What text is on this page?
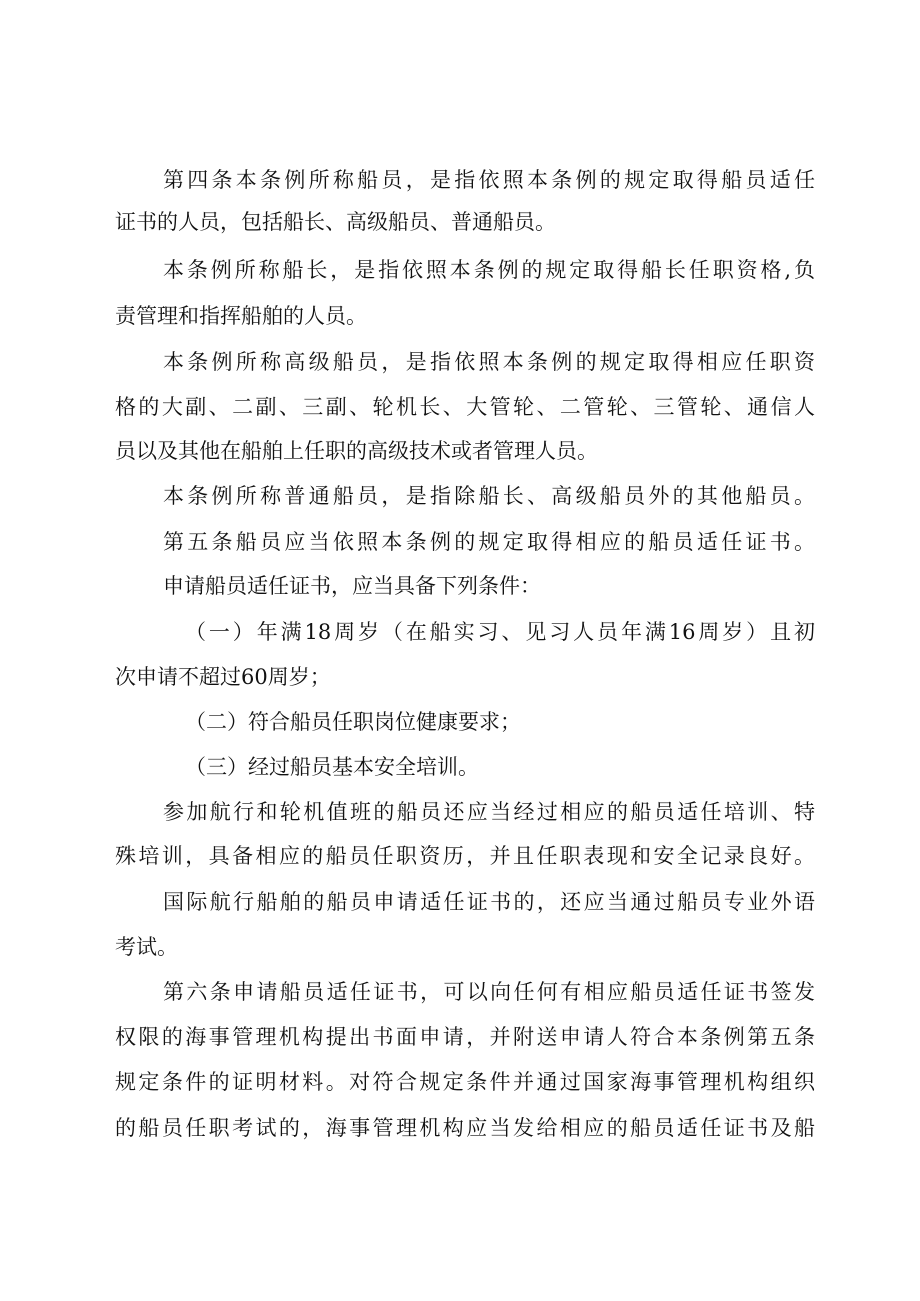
第四条本条例所称船员，是指依照本条例的规定取得船员适任
证书的人员，包括船长、高级船员、普通船员。
本条例所称船长，是指依照本条例的规定取得船长任职资格,负
责管理和指挥船舶的人员。
本条例所称高级船员，是指依照本条例的规定取得相应任职资
格的大副、二副、三副、轮机长、大管轮、二管轮、三管轮、通信人
员以及其他在船舶上任职的高级技术或者管理人员。
本条例所称普通船员，是指除船长、高级船员外的其他船员。
第五条船员应当依照本条例的规定取得相应的船员适任证书。
申请船员适任证书，应当具备下列条件：
（一）年满18周岁（在船实习、见习人员年满16周岁）且初
次申请不超过60周岁；
（二）符合船员任职岗位健康要求；
（三）经过船员基本安全培训。
参加航行和轮机值班的船员还应当经过相应的船员适任培训、特
殊培训，具备相应的船员任职资历，并且任职表现和安全记录良好。
国际航行船舶的船员申请适任证书的，还应当通过船员专业外语
考试。
第六条申请船员适任证书，可以向任何有相应船员适任证书签发
权限的海事管理机构提出书面申请，并附送申请人符合本条例第五条
规定条件的证明材料。对符合规定条件并通过国家海事管理机构组织
的船员任职考试的，海事管理机构应当发给相应的船员适任证书及船
